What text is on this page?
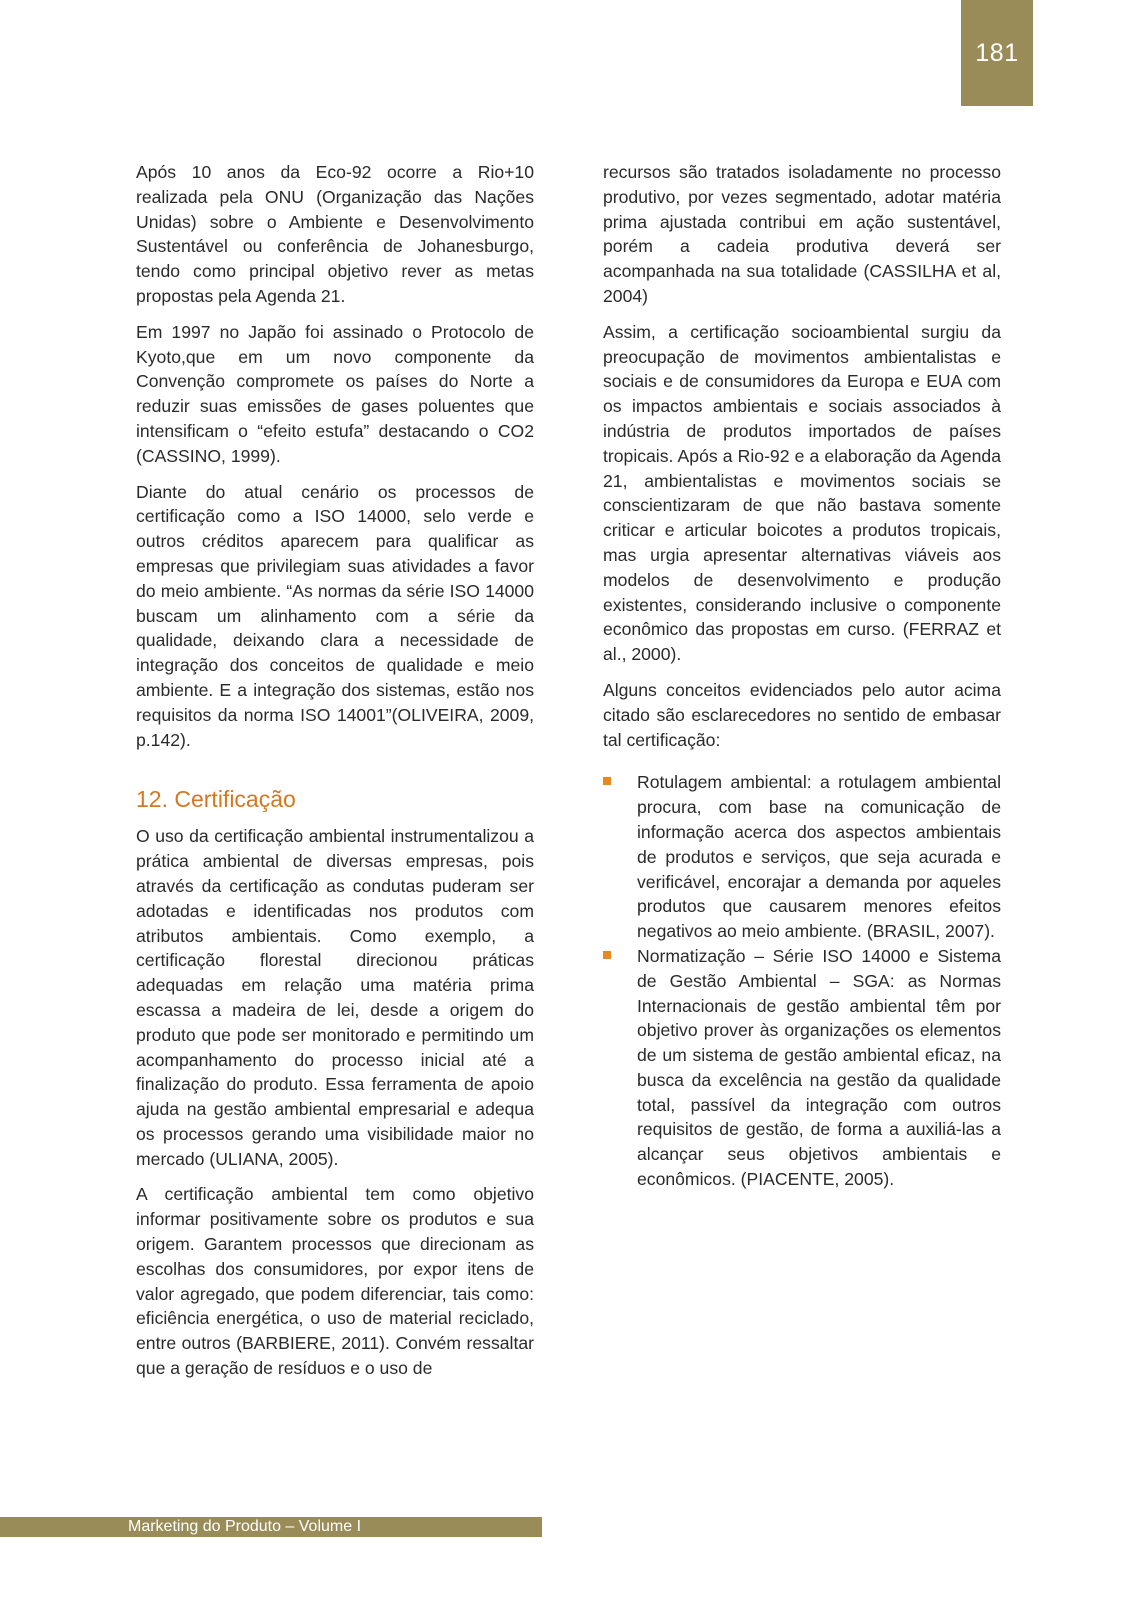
181

Após 10 anos da Eco-92 ocorre a Rio+10 realizada pela ONU (Organização das Nações Unidas) sobre o Ambiente e Desenvolvimento Sustentável ou conferência de Johanesburgo, tendo como principal objetivo rever as metas propostas pela Agenda 21.

Em 1997 no Japão foi assinado o Protocolo de Kyoto,que em um novo componente da Convenção compromete os países do Norte a reduzir suas emissões de gases poluentes que intensificam o “efeito estufa” destacando o CO2 (CASSINO, 1999).

Diante do atual cenário os processos de certificação como a ISO 14000, selo verde e outros créditos aparecem para qualificar as empresas que privilegiam suas atividades a favor do meio ambiente. “As normas da série ISO 14000 buscam um alinhamento com a série da qualidade, deixando clara a necessidade de integração dos conceitos de qualidade e meio ambiente. E a integração dos sistemas, estão nos requisitos da norma ISO 14001”(OLIVEIRA, 2009, p.142).

12. Certificação

O uso da certificação ambiental instrumentalizou a prática ambiental de diversas empresas, pois através da certificação as condutas puderam ser adotadas e identificadas nos produtos com atributos ambientais. Como exemplo, a certificação florestal direcionou práticas adequadas em relação uma matéria prima escassa a madeira de lei, desde a origem do produto que pode ser monitorado e permitindo um acompanhamento do processo inicial até a finalização do produto. Essa ferramenta de apoio ajuda na gestão ambiental empresarial e adequa os processos gerando uma visibilidade maior no mercado (ULIANA, 2005).

A certificação ambiental tem como objetivo informar positivamente sobre os produtos e sua origem. Garantem processos que direcionam as escolhas dos consumidores, por expor itens de valor agregado, que podem diferenciar, tais como: eficiência energética, o uso de material reciclado, entre outros (BARBIERE, 2011). Convém ressaltar que a geração de resíduos e o uso de

recursos são tratados isoladamente no processo produtivo, por vezes segmentado, adotar matéria prima ajustada contribui em ação sustentável, porém a cadeia produtiva deverá ser acompanhada na sua totalidade (CASSILHA et al, 2004)

Assim, a certificação socioambiental surgiu da preocupação de movimentos ambientalistas e sociais e de consumidores da Europa e EUA com os impactos ambientais e sociais associados à indústria de produtos importados de países tropicais. Após a Rio-92 e a elaboração da Agenda 21, ambientalistas e movimentos sociais se conscientizaram de que não bastava somente criticar e articular boicotes a produtos tropicais, mas urgia apresentar alternativas viáveis aos modelos de desenvolvimento e produção existentes, considerando inclusive o componente econômico das propostas em curso. (FERRAZ et al., 2000).

Alguns conceitos evidenciados pelo autor acima citado são esclarecedores no sentido de embasar tal certificação:

Rotulagem ambiental: a rotulagem ambiental procura, com base na comunicação de informação acerca dos aspectos ambientais de produtos e serviços, que seja acurada e verificável, encorajar a demanda por aqueles produtos que causarem menores efeitos negativos ao meio ambiente. (BRASIL, 2007).
Normatização – Série ISO 14000 e Sistema de Gestão Ambiental – SGA: as Normas Internacionais de gestão ambiental têm por objetivo prover às organizações os elementos de um sistema de gestão ambiental eficaz, na busca da excelência na gestão da qualidade total, passível da integração com outros requisitos de gestão, de forma a auxiliá-las a alcançar seus objetivos ambientais e econômicos. (PIACENTE, 2005).
Marketing do Produto – Volume I
